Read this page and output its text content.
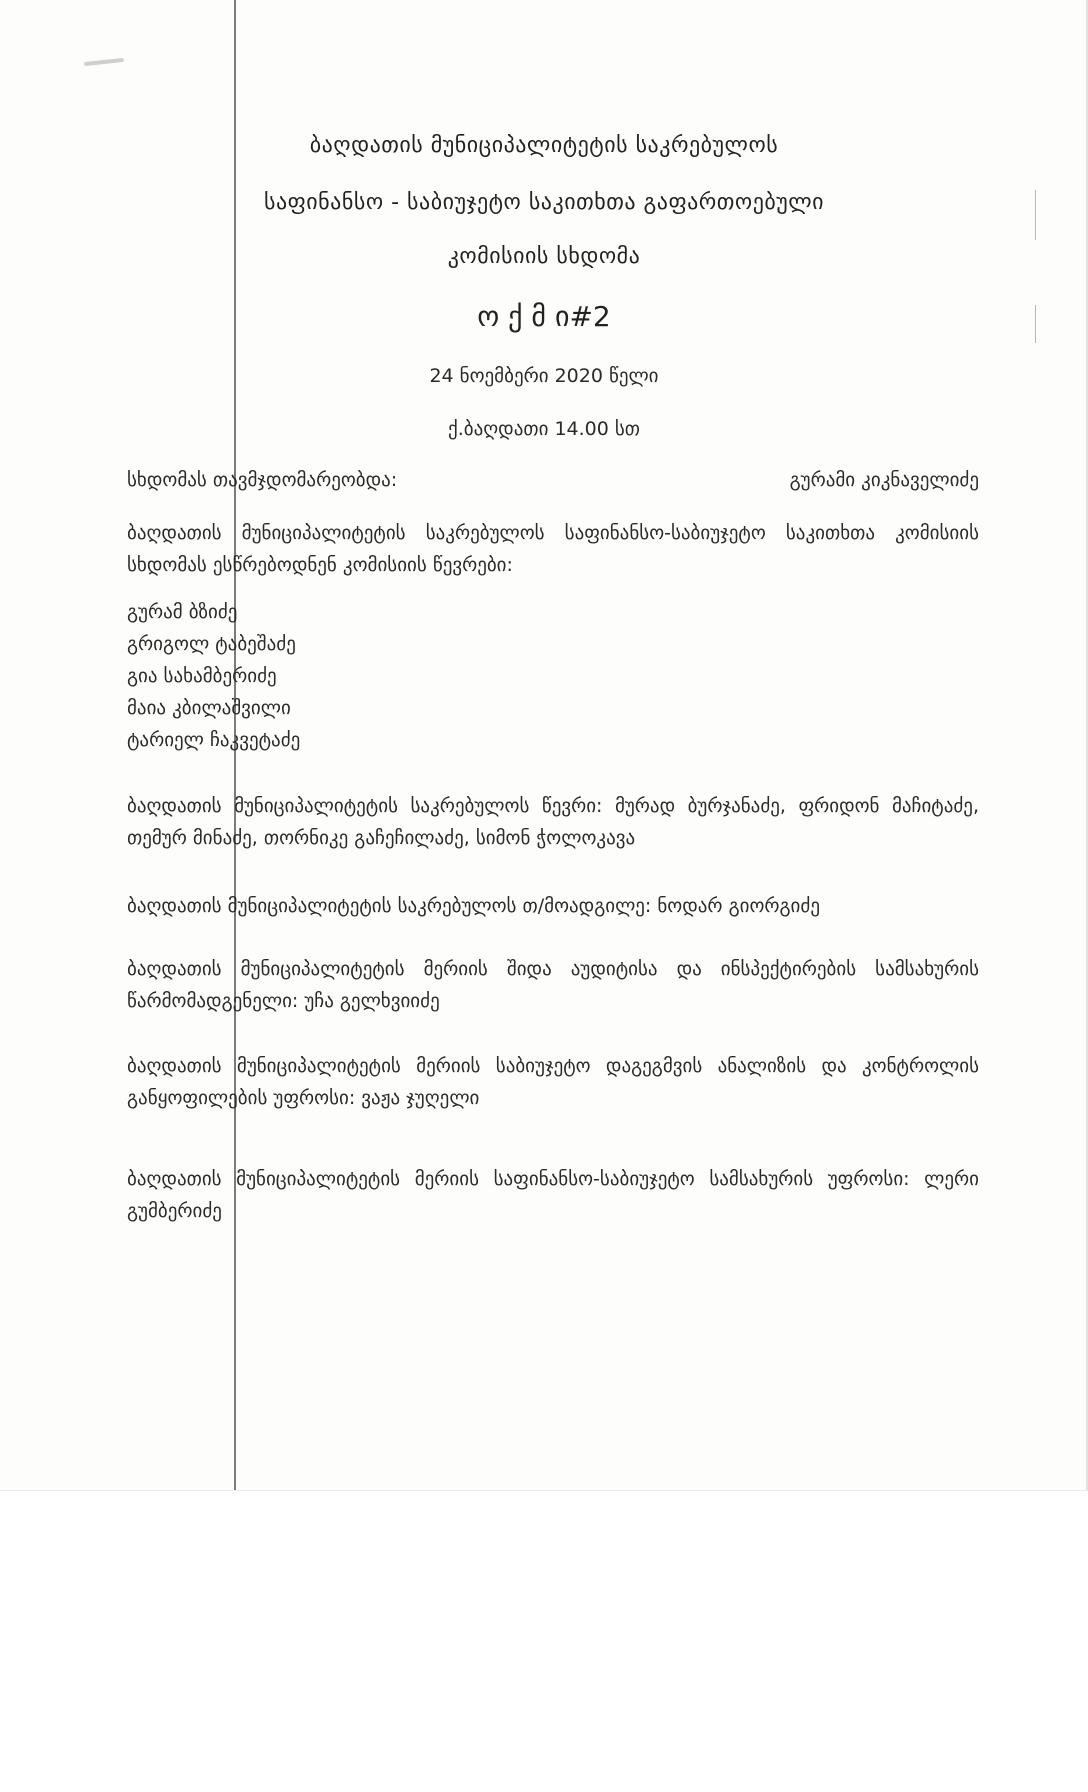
ბაღდათის მუნიციპალიტეტის საკრებულოს
საფინანსო - საბიუჯეტო საკითხთა გაფართოებული
კომისიის სხდომა
ო ქ მ ი#2
24 ნოემბერი 2020 წელი
ქ.ბაღდათი 14.00 სთ
სხდომას თავმჯდომარეობდა:	გურამი კიკნაველიძე
ბაღდათის მუნიციპალიტეტის საკრებულოს საფინანსო-საბიუჯეტო საკითხთა კომისიის სხდომას ესწრებოდნენ კომისიის წევრები:
გურამ ბზიძე
გრიგოლ ტაბეშაძე
გია სახამბერიძე
მაია კბილაშვილი
ტარიელ ჩაკვეტაძე
ბაღდათის მუნიციპალიტეტის საკრებულოს წევრი: მურად ბურჯანაძე, ფრიდონ მაჩიტაძე, თემურ მინაძე, თორნიკე გაჩეჩილაძე, სიმონ ჭოლოკავა
ბაღდათის მუნიციპალიტეტის საკრებულოს თ/მოადგილე: ნოდარ გიორგიძე
ბაღდათის მუნიციპალიტეტის მერიის შიდა აუდიტისა და ინსპექტირების სამსახურის წარმომადგენელი: უჩა გელხვიიძე
ბაღდათის მუნიციპალიტეტის მერიის საბიუჯეტო დაგეგმვის ანალიზის და კონტროლის განყოფილების უფროსი: ვაჟა ჯუღელი
ბაღდათის მუნიციპალიტეტის მერიის საფინანსო-საბიუჯეტო სამსახურის უფროსი: ლერი გუმბერიძე
